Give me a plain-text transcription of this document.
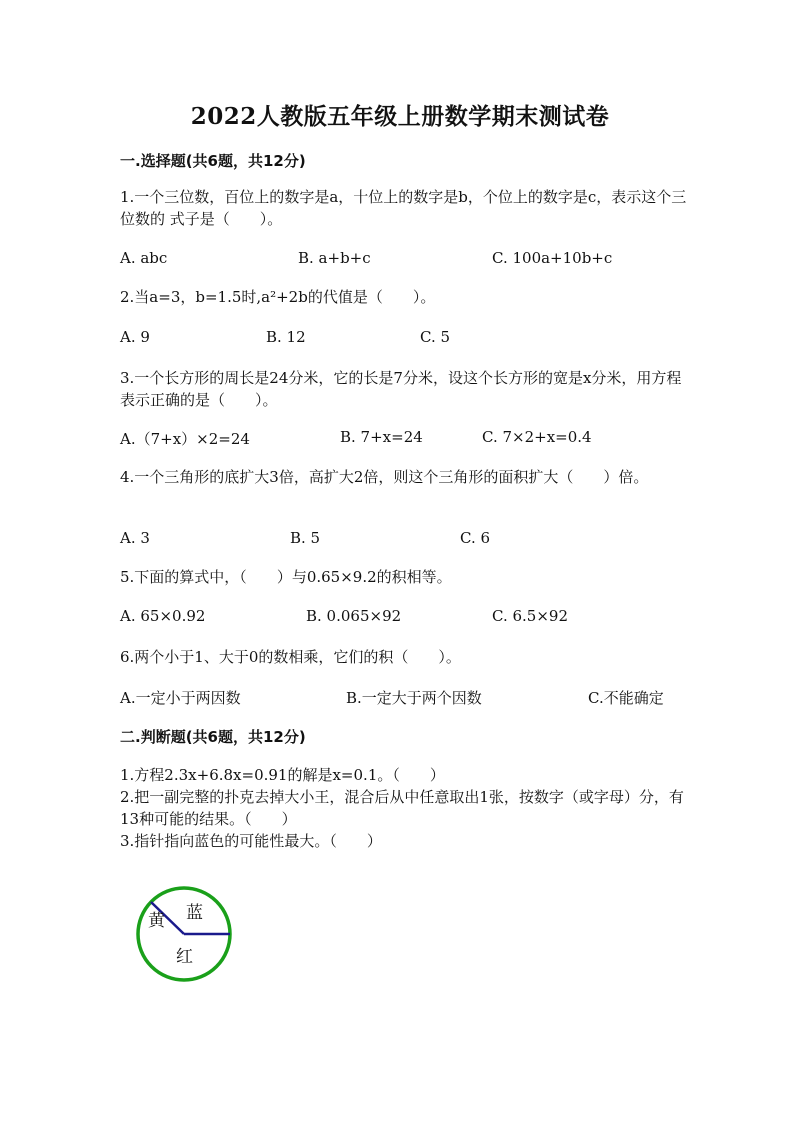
2022人教版五年级上册数学期末测试卷
一.选择题(共6题，共12分)
1.一个三位数，百位上的数字是a，十位上的数字是b，个位上的数字是c，表示这个三位数的 式子是（　　）。
A. abc	B. a+b+c	C. 100a+10b+c
2.当a=3，b=1.5时,a²+2b的代值是（　　）。
A. 9	B. 12	C. 5
3.一个长方形的周长是24分米，它的长是7分米，设这个长方形的宽是x分米，用方程表示正确的是（　　）。
A.（7+x）×2=24	B. 7+x=24	C. 7×2+x=0.4
4.一个三角形的底扩大3倍，高扩大2倍，则这个三角形的面积扩大（　　）倍。
A. 3	B. 5	C. 6
5.下面的算式中，（　　）与0.65×9.2的积相等。
A. 65×0.92	B. 0.065×92	C. 6.5×92
6.两个小于1、大于0的数相乘，它们的积（　　）。
A.一定小于两因数	B.一定大于两个因数	C.不能确定
二.判断题(共6题，共12分)
1.方程2.3x+6.8x=0.91的解是x=0.1。（　　）
2.把一副完整的扑克去掉大小王，混合后从中任意取出1张，按数字（或字母）分，有13种可能的结果。（　　）
3.指针指向蓝色的可能性最大。（　　）
黄 蓝
红
